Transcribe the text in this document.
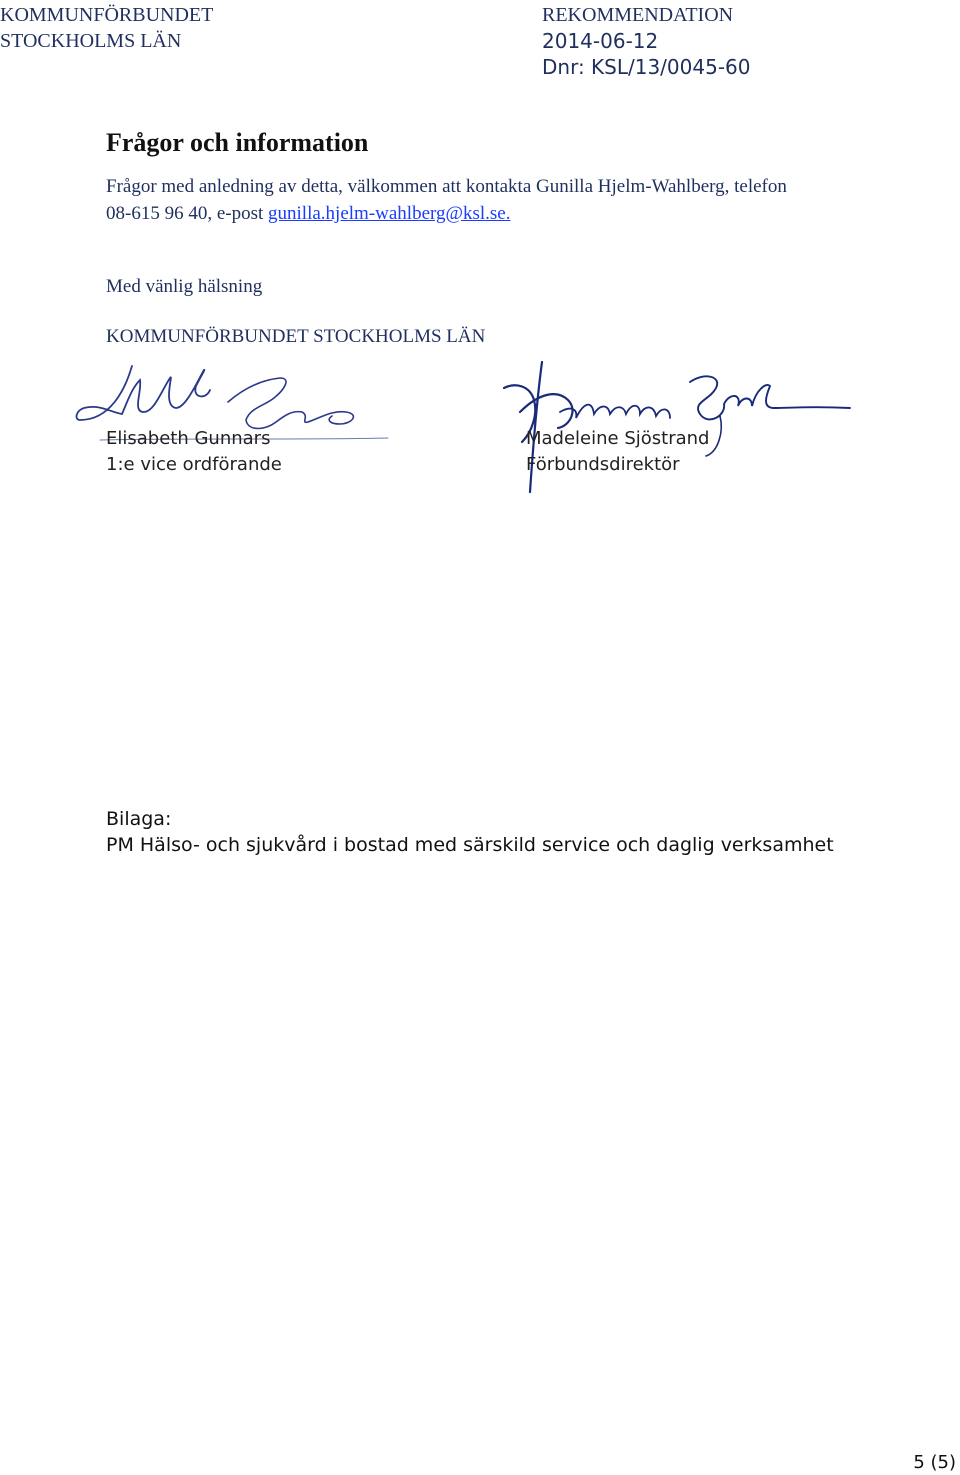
KOMMUNFÖRBUNDET
STOCKHOLMS LÄN
REKOMMENDATION
2014-06-12
Dnr: KSL/13/0045-60
Frågor och information
Frågor med anledning av detta, välkommen att kontakta Gunilla Hjelm-Wahlberg, telefon 08-615 96 40, e-post gunilla.hjelm-wahlberg@ksl.se.
Med vänlig hälsning
KOMMUNFÖRBUNDET STOCKHOLMS LÄN
Elisabeth Gunnars
1:e vice ordförande
Madeleine Sjöstrand
Förbundsdirektör
Bilaga:
PM Hälso- och sjukvård i bostad med särskild service och daglig verksamhet
5 (5)
